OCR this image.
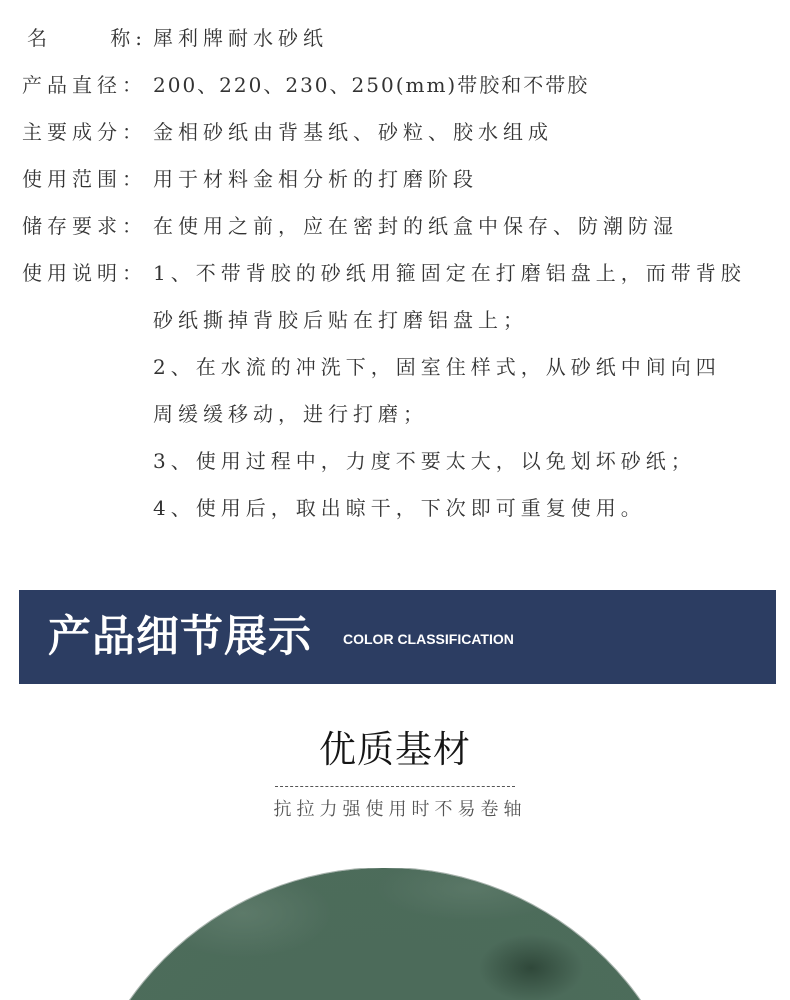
名	称: 犀利牌耐水砂纸
产品直径： 200、220、230、250(mm)带胶和不带胶
主要成分： 金相砂纸由背基纸、砂粒、胶水组成
使用范围： 用于材料金相分析的打磨阶段
储存要求： 在使用之前，应在密封的纸盒中保存、防潮防湿
使用说明： 1、不带背胶的砂纸用箍固定在打磨铝盘上，而带背胶
砂纸撕掉背胶后贴在打磨铝盘上；
2、在水流的冲洗下，固室住样式，从砂纸中间向四
周缓缓移动，进行打磨；
3、使用过程中，力度不要太大，以免划坏砂纸；
4、使用后，取出晾干，下次即可重复使用。
产品细节展示 COLOR CLASSIFICATION
优质基材
抗拉力强使用时不易卷轴
